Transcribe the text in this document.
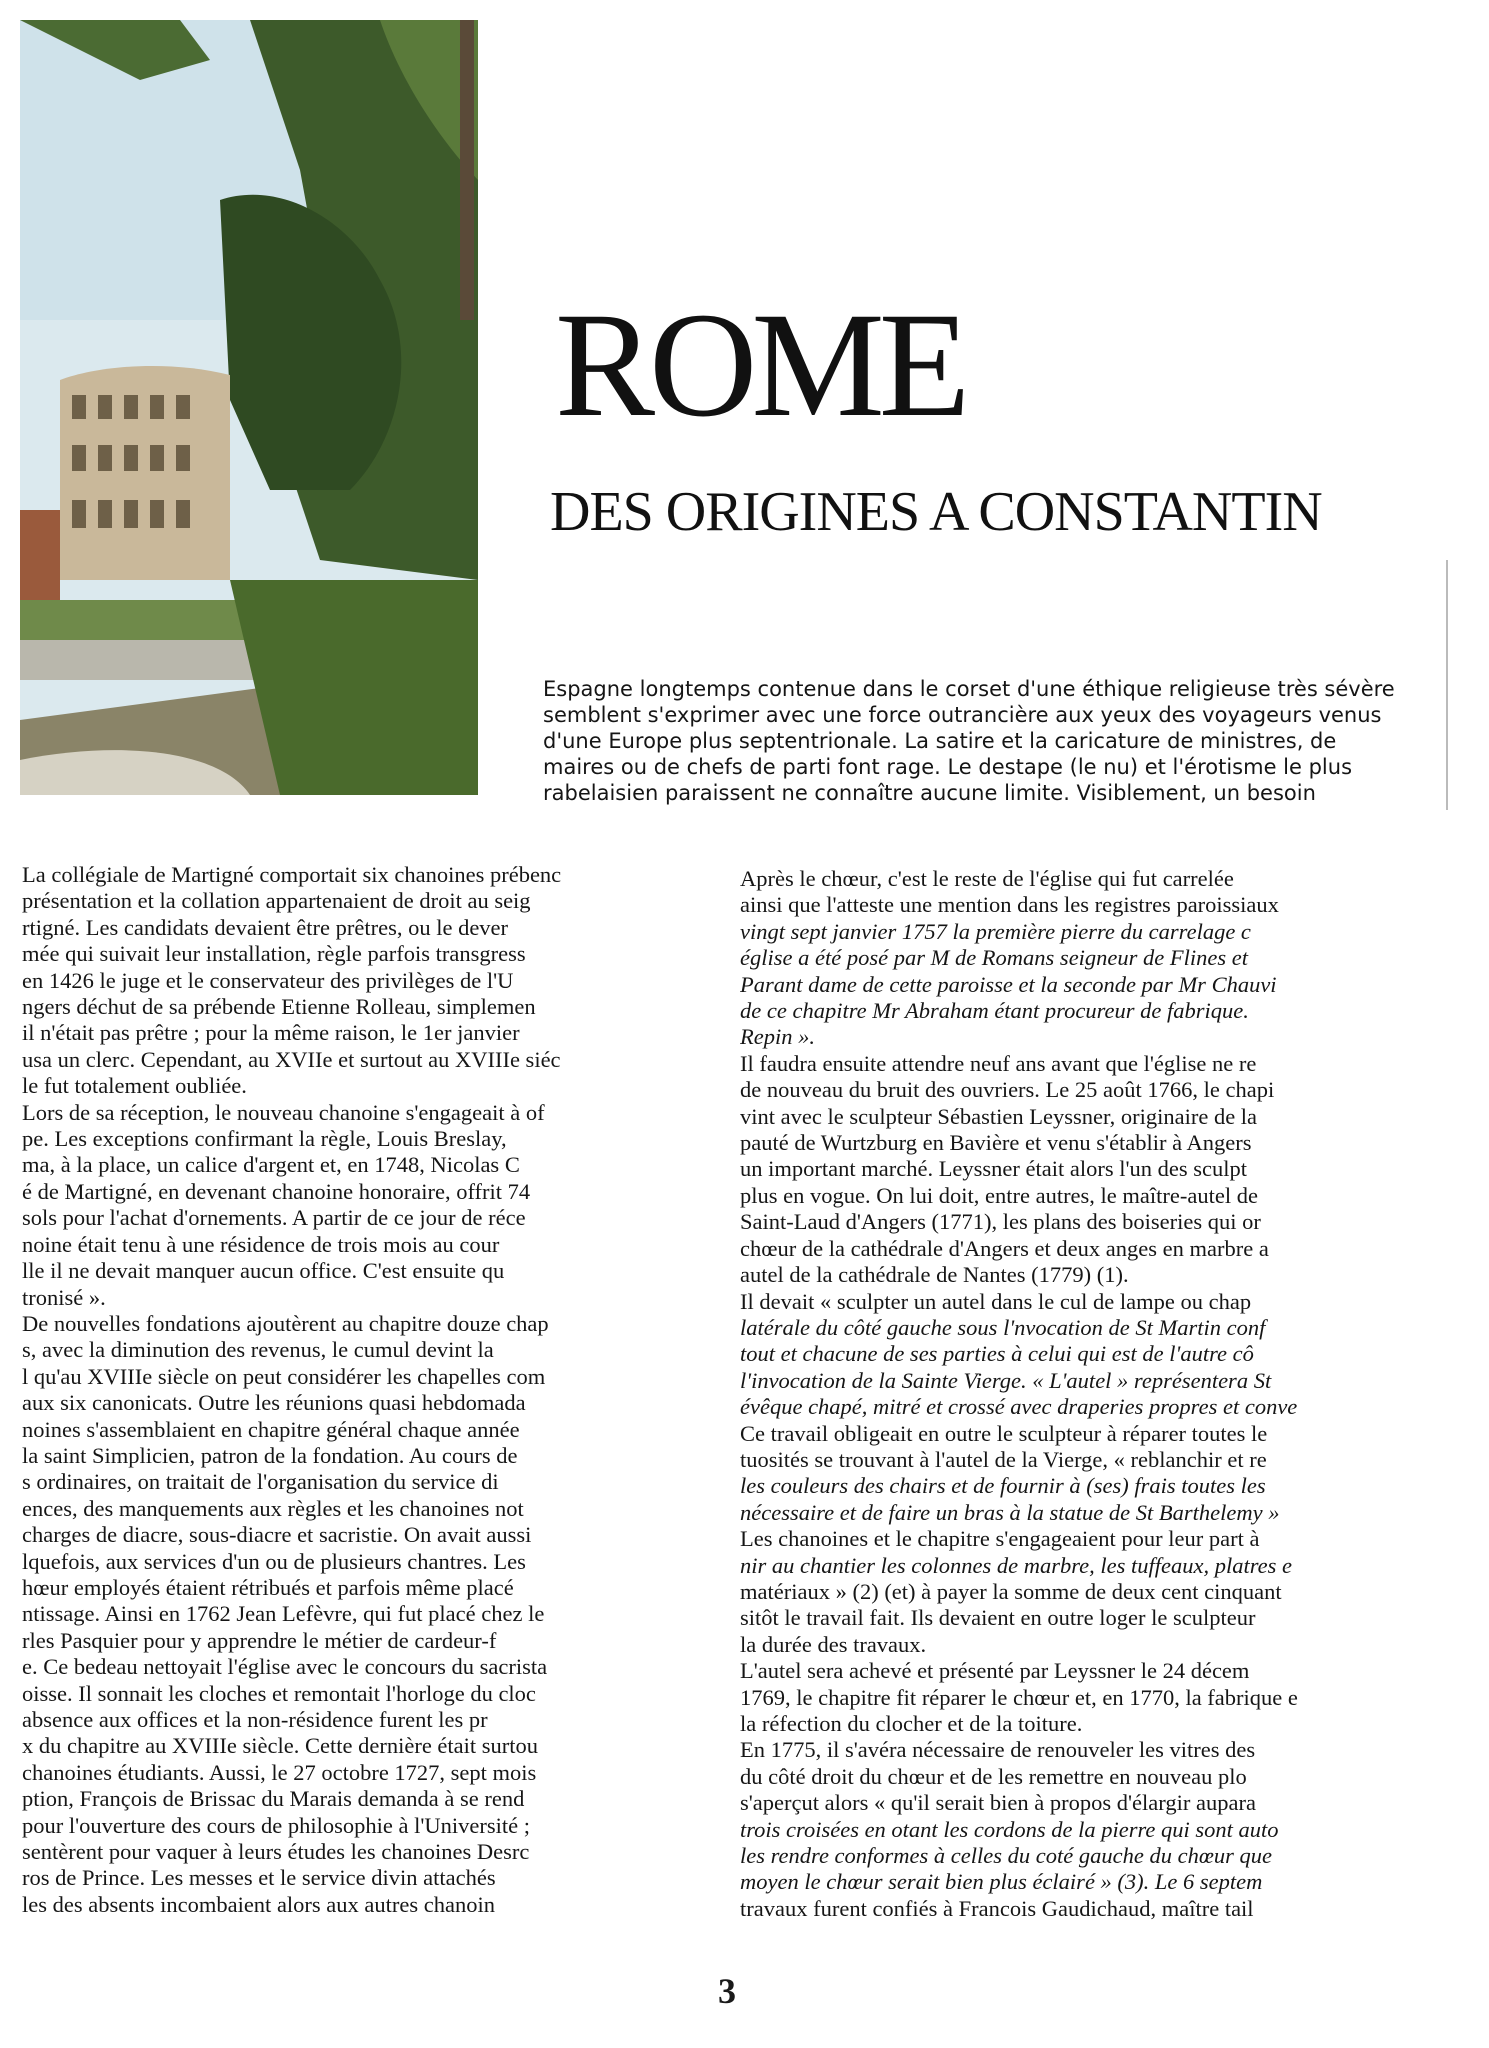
ROME
DES ORIGINES A CONSTANTIN
Espagne longtemps contenue dans le corset d'une éthique religieuse très sévère
semblent s'exprimer avec une force outrancière aux yeux des voyageurs venus
d'une Europe plus septentrionale. La satire et la caricature de ministres, de
maires ou de chefs de parti font rage. Le destape (le nu) et l'érotisme le plus
rabelaisien paraissent ne connaître aucune limite. Visiblement, un besoin
La collégiale de Martigné comportait six chanoines prébenc
présentation et la collation appartenaient de droit au seig
rtigné. Les candidats devaient être prêtres, ou le dever
mée qui suivait leur installation, règle parfois transgress
en 1426 le juge et le conservateur des privilèges de l'U
ngers déchut de sa prébende Etienne Rolleau, simplemen
il n'était pas prêtre ; pour la même raison, le 1er janvier
usa un clerc. Cependant, au XVIIe et surtout au XVIIIe siéc
le fut totalement oubliée.
Lors de sa réception, le nouveau chanoine s'engageait à of
pe. Les exceptions confirmant la règle, Louis Breslay,
ma, à la place, un calice d'argent et, en 1748, Nicolas C
é de Martigné, en devenant chanoine honoraire, offrit 74
sols pour l'achat d'ornements. A partir de ce jour de réce
noine était tenu à une résidence de trois mois au cour
lle il ne devait manquer aucun office. C'est ensuite qu
tronisé ».
De nouvelles fondations ajoutèrent au chapitre douze chap
s, avec la diminution des revenus, le cumul devint la
l qu'au XVIIIe siècle on peut considérer les chapelles com
aux six canonicats. Outre les réunions quasi hebdomada
noines s'assemblaient en chapitre général chaque année
la saint Simplicien, patron de la fondation. Au cours de
s ordinaires, on traitait de l'organisation du service di
ences, des manquements aux règles et les chanoines not
charges de diacre, sous-diacre et sacristie. On avait aussi
lquefois, aux services d'un ou de plusieurs chantres. Les
hœur employés étaient rétribués et parfois même placé
ntissage. Ainsi en 1762 Jean Lefèvre, qui fut placé chez le
rles Pasquier pour y apprendre le métier de cardeur-f
e. Ce bedeau nettoyait l'église avec le concours du sacrista
oisse. Il sonnait les cloches et remontait l'horloge du cloc
absence aux offices et la non-résidence furent les pr
x du chapitre au XVIIIe siècle. Cette dernière était surtou
chanoines étudiants. Aussi, le 27 octobre 1727, sept mois
ption, François de Brissac du Marais demanda à se rend
pour l'ouverture des cours de philosophie à l'Université ;
sentèrent pour vaquer à leurs études les chanoines Desrc
ros de Prince. Les messes et le service divin attachés
les des absents incombaient alors aux autres chanoin
Après le chœur, c'est le reste de l'église qui fut carrelée
ainsi que l'atteste une mention dans les registres paroissiaux
vingt sept janvier 1757 la première pierre du carrelage c
église a été posé par M de Romans seigneur de Flines et
Parant dame de cette paroisse et la seconde par Mr Chauvi
de ce chapitre Mr Abraham étant procureur de fabrique.
Repin ».
Il faudra ensuite attendre neuf ans avant que l'église ne re
de nouveau du bruit des ouvriers. Le 25 août 1766, le chapi
vint avec le sculpteur Sébastien Leyssner, originaire de la
pauté de Wurtzburg en Bavière et venu s'établir à Angers
un important marché. Leyssner était alors l'un des sculpt
plus en vogue. On lui doit, entre autres, le maître-autel de
Saint-Laud d'Angers (1771), les plans des boiseries qui or
chœur de la cathédrale d'Angers et deux anges en marbre a
autel de la cathédrale de Nantes (1779) (1).
Il devait « sculpter un autel dans le cul de lampe ou chap
latérale du côté gauche sous l'nvocation de St Martin conf
tout et chacune de ses parties à celui qui est de l'autre cô
l'invocation de la Sainte Vierge. « L'autel » représentera St
évêque chapé, mitré et crossé avec draperies propres et conve
Ce travail obligeait en outre le sculpteur à réparer toutes le
tuosités se trouvant à l'autel de la Vierge, « reblanchir et re
les couleurs des chairs et de fournir à (ses) frais toutes les
nécessaire et de faire un bras à la statue de St Barthelemy »
Les chanoines et le chapitre s'engageaient pour leur part à
nir au chantier les colonnes de marbre, les tuffeaux, platres e
matériaux » (2) (et) à payer la somme de deux cent cinquant
sitôt le travail fait. Ils devaient en outre loger le sculpteur
la durée des travaux.
L'autel sera achevé et présenté par Leyssner le 24 décem
1769, le chapitre fit réparer le chœur et, en 1770, la fabrique e
la réfection du clocher et de la toiture.
En 1775, il s'avéra nécessaire de renouveler les vitres des
du côté droit du chœur et de les remettre en nouveau plo
s'aperçut alors « qu'il serait bien à propos d'élargir aupara
trois croisées en otant les cordons de la pierre qui sont auto
les rendre conformes à celles du coté gauche du chœur que
moyen le chœur serait bien plus éclairé » (3). Le 6 septem
travaux furent confiés à Francois Gaudichaud, maître tail
3
